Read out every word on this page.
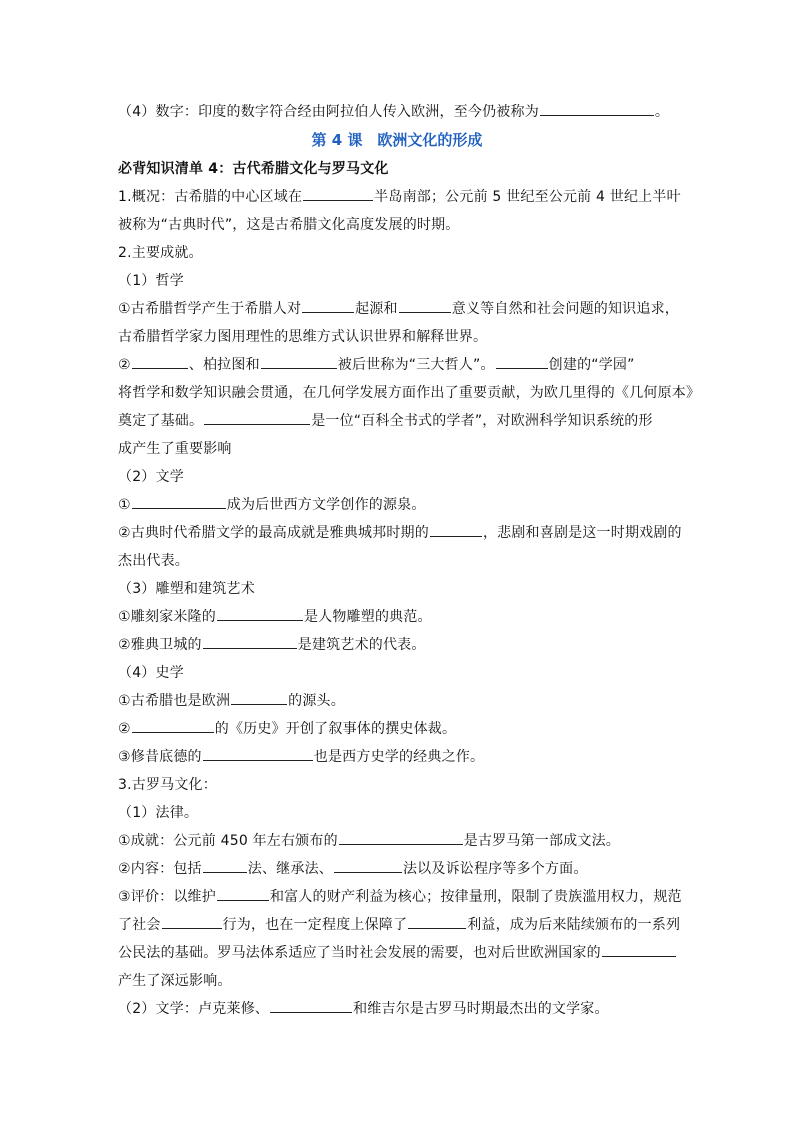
（4）数字：印度的数字符合经由阿拉伯人传入欧洲，至今仍被称为	。
第 4 课　欧洲文化的形成
必背知识清单 4：古代希腊文化与罗马文化
1.概况：古希腊的中心区域在	半岛南部；公元前 5 世纪至公元前 4 世纪上半叶
被称为“古典时代”，这是古希腊文化高度发展的时期。
2.主要成就。
（1）哲学
①古希腊哲学产生于希腊人对	起源和	意义等自然和社会问题的知识追求，
古希腊哲学家力图用理性的思维方式认识世界和解释世界。
②	、柏拉图和	被后世称为“三大哲人”。	创建的“学园”
将哲学和数学知识融会贯通，在几何学发展方面作出了重要贡献，为欧几里得的《几何原本》
奠定了基础。	是一位“百科全书式的学者”，对欧洲科学知识系统的形
成产生了重要影响
（2）文学
①	成为后世西方文学创作的源泉。
②古典时代希腊文学的最高成就是雅典城邦时期的	，悲剧和喜剧是这一时期戏剧的
杰出代表。
（3）雕塑和建筑艺术
①雕刻家米隆的	是人物雕塑的典范。
②雅典卫城的	是建筑艺术的代表。
（4）史学
①古希腊也是欧洲	的源头。
②	的《历史》开创了叙事体的撰史体裁。
③修昔底德的	也是西方史学的经典之作。
3.古罗马文化：
（1）法律。
①成就：公元前 450 年左右颁布的	是古罗马第一部成文法。
②内容：包括	法、继承法、	法以及诉讼程序等多个方面。
③评价：以维护	和富人的财产利益为核心；按律量刑，限制了贵族滥用权力，规范
了社会	行为，也在一定程度上保障了	利益，成为后来陆续颁布的一系列
公民法的基础。罗马法体系适应了当时社会发展的需要，也对后世欧洲国家的
产生了深远影响。
（2）文学：卢克莱修、	和维吉尔是古罗马时期最杰出的文学家。
